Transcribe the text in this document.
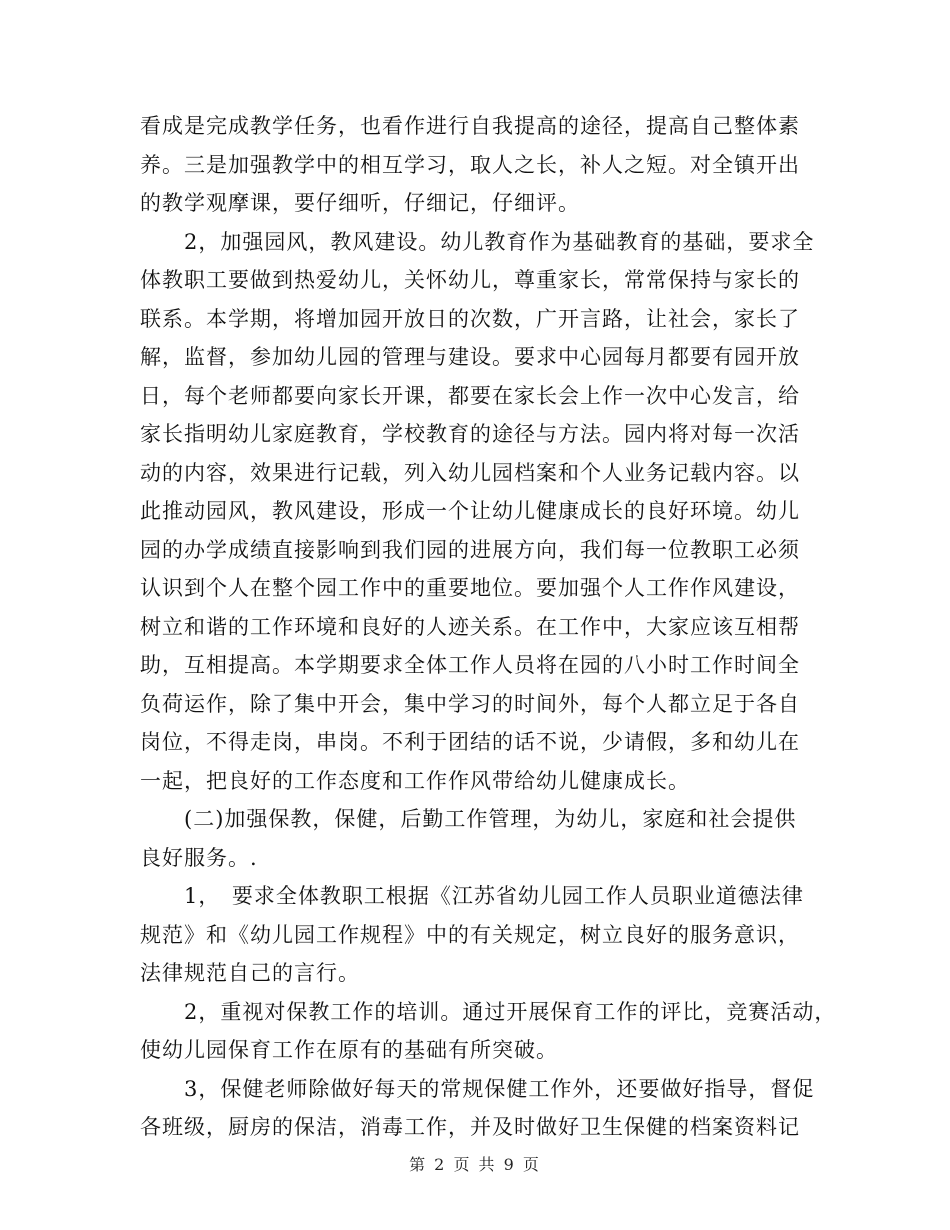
看成是完成教学任务，也看作进行自我提高的途径，提高自己整体素
养。三是加强教学中的相互学习，取人之长，补人之短。对全镇开出
的教学观摩课，要仔细听，仔细记，仔细评。
　　2，加强园风，教风建设。幼儿教育作为基础教育的基础，要求全
体教职工要做到热爱幼儿，关怀幼儿，尊重家长，常常保持与家长的
联系。本学期，将增加园开放日的次数，广开言路，让社会，家长了
解，监督，参加幼儿园的管理与建设。要求中心园每月都要有园开放
日，每个老师都要向家长开课，都要在家长会上作一次中心发言，给
家长指明幼儿家庭教育，学校教育的途径与方法。园内将对每一次活
动的内容，效果进行记载，列入幼儿园档案和个人业务记载内容。以
此推动园风，教风建设，形成一个让幼儿健康成长的良好环境。幼儿
园的办学成绩直接影响到我们园的进展方向，我们每一位教职工必须
认识到个人在整个园工作中的重要地位。要加强个人工作作风建设，
树立和谐的工作环境和良好的人迹关系。在工作中，大家应该互相帮
助，互相提高。本学期要求全体工作人员将在园的八小时工作时间全
负荷运作，除了集中开会，集中学习的时间外，每个人都立足于各自
岗位，不得走岗，串岗。不利于团结的话不说，少请假，多和幼儿在
一起，把良好的工作态度和工作作风带给幼儿健康成长。
　　(二)加强保教，保健，后勤工作管理，为幼儿，家庭和社会提供
良好服务。.
　　1，　要求全体教职工根据《江苏省幼儿园工作人员职业道德法律
规范》和《幼儿园工作规程》中的有关规定，树立良好的服务意识，
法律规范自己的言行。
　　2，重视对保教工作的培训。通过开展保育工作的评比，竞赛活动，
使幼儿园保育工作在原有的基础有所突破。
　　3，保健老师除做好每天的常规保健工作外，还要做好指导，督促
各班级，厨房的保洁，消毒工作，并及时做好卫生保健的档案资料记
第 2 页 共 9 页
